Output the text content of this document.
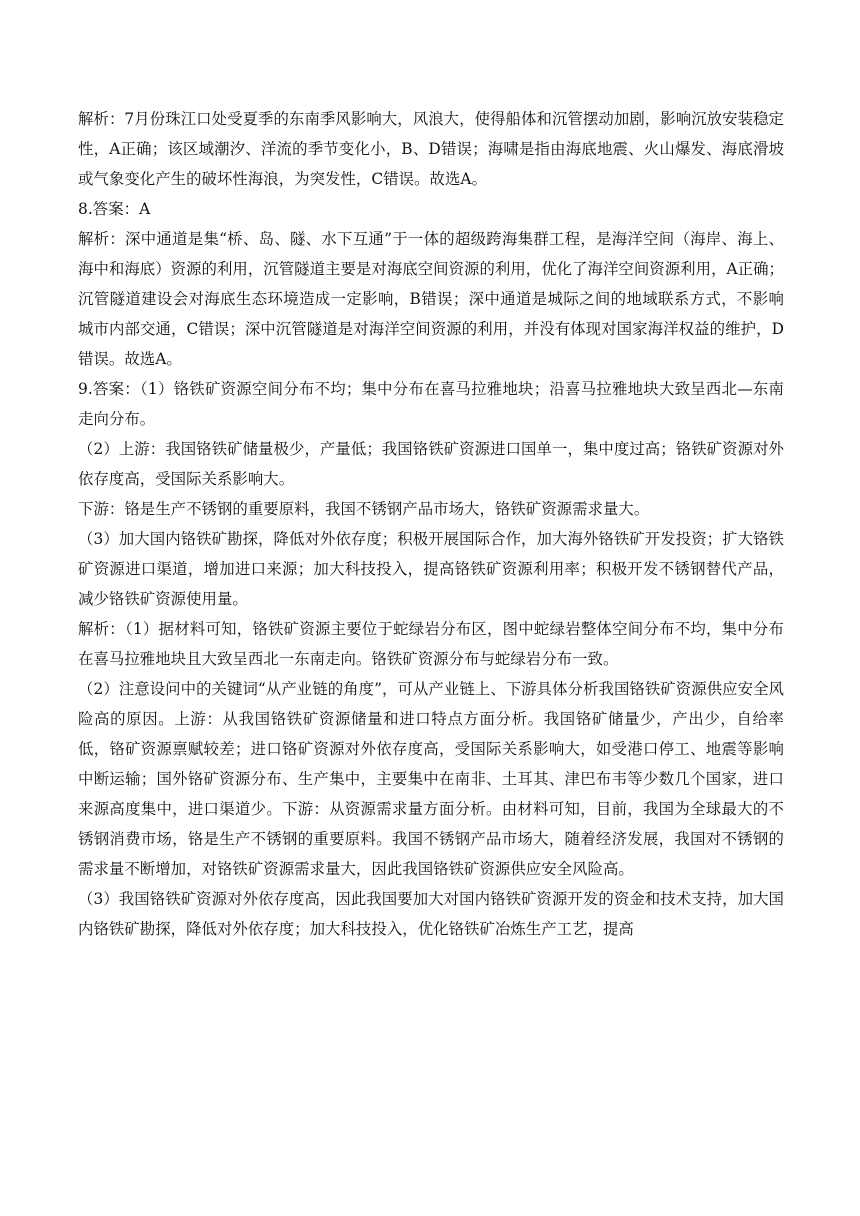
解析：7月份珠江口处受夏季的东南季风影响大，风浪大，使得船体和沉管摆动加剧，影响沉放安装稳定性，A正确；该区域潮汐、洋流的季节变化小，B、D错误；海啸是指由海底地震、火山爆发、海底滑坡或气象变化产生的破坏性海浪，为突发性，C错误。故选A。

8.答案：A

解析：深中通道是集“桥、岛、隧、水下互通”于一体的超级跨海集群工程，是海洋空间（海岸、海上、海中和海底）资源的利用，沉管隧道主要是对海底空间资源的利用，优化了海洋空间资源利用，A正确；沉管隧道建设会对海底生态环境造成一定影响，B错误；深中通道是城际之间的地域联系方式，不影响城市内部交通，C错误；深中沉管隧道是对海洋空间资源的利用，并没有体现对国家海洋权益的维护，D错误。故选A。

9.答案：（1）铬铁矿资源空间分布不均；集中分布在喜马拉雅地块；沿喜马拉雅地块大致呈西北—东南走向分布。

（2）上游：我国铬铁矿储量极少，产量低；我国铬铁矿资源进口国单一，集中度过高；铬铁矿资源对外依存度高，受国际关系影响大。

下游：铬是生产不锈钢的重要原料，我国不锈钢产品市场大，铬铁矿资源需求量大。

（3）加大国内铬铁矿勘探，降低对外依存度；积极开展国际合作，加大海外铬铁矿开发投资；扩大铬铁矿资源进口渠道，增加进口来源；加大科技投入，提高铬铁矿资源利用率；积极开发不锈钢替代产品，减少铬铁矿资源使用量。

解析：（1）据材料可知，铬铁矿资源主要位于蛇绿岩分布区，图中蛇绿岩整体空间分布不均，集中分布在喜马拉雅地块且大致呈西北一东南走向。铬铁矿资源分布与蛇绿岩分布一致。

（2）注意设问中的关键词“从产业链的角度”，可从产业链上、下游具体分析我国铬铁矿资源供应安全风险高的原因。上游：从我国铬铁矿资源储量和进口特点方面分析。我国铬矿储量少，产出少，自给率低，铬矿资源禀赋较差；进口铬矿资源对外依存度高，受国际关系影响大，如受港口停工、地震等影响中断运输；国外铬矿资源分布、生产集中，主要集中在南非、土耳其、津巴布韦等少数几个国家，进口来源高度集中，进口渠道少。下游：从资源需求量方面分析。由材料可知，目前，我国为全球最大的不锈钢消费市场，铬是生产不锈钢的重要原料。我国不锈钢产品市场大，随着经济发展，我国对不锈钢的需求量不断增加，对铬铁矿资源需求量大，因此我国铬铁矿资源供应安全风险高。

（3）我国铬铁矿资源对外依存度高，因此我国要加大对国内铬铁矿资源开发的资金和技术支持，加大国内铬铁矿勘探，降低对外依存度；加大科技投入，优化铬铁矿冶炼生产工艺，提高
